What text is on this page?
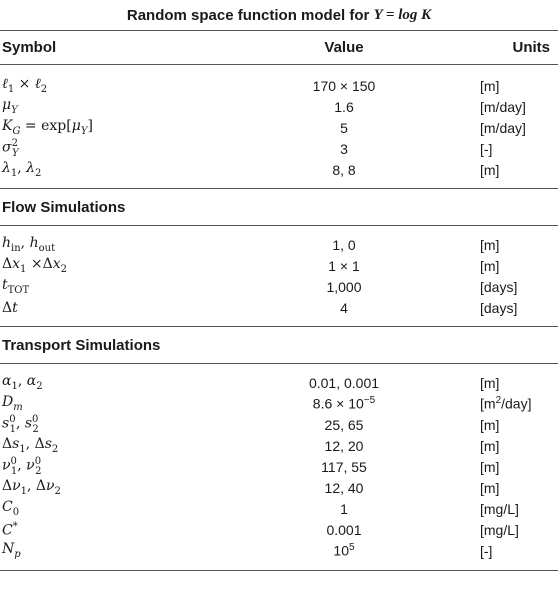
Random space function model for
Y = log K
Symbol	Value	Units
ℓ$_1$ × ℓ$_2$	170 × 150	[m]
$\mu_Y$	1.6	[m/day]
$K_G = \exp[\mu_Y]$	5	[m/day]
$\sigma^2_Y$	3	[-]
$\lambda_1$, $\lambda_2$	8, 8	[m]
Flow Simulations
$h_{in}$, $h_{out}$	1, 0	[m]
$\Delta x_1 \times\Delta x_2$	1 × 1	[m]
$t_{TOT}$	1,000	[days]
Δt	4	[days]
Transport Simulations
$\alpha_1$, $\alpha_2$	0.01, 0.001	[m]
$D_m$	$8.6 \times 10^{-5}$	$[m^2/day]$
$s^0_1$, $s^0_2$	25, 65	[m]
$\Delta s_1$, $\Delta s_2$	12, 20	[m]
$\nu^0_1$, $\nu^0_2$	117, 55	[m]
$\Delta\nu_1$, $\Delta\nu_2$	12, 40	[m]
$C_0$	1	[mg/L]
C*	0.001	[mg/L]
$N_p$	$10^5$	[-]
